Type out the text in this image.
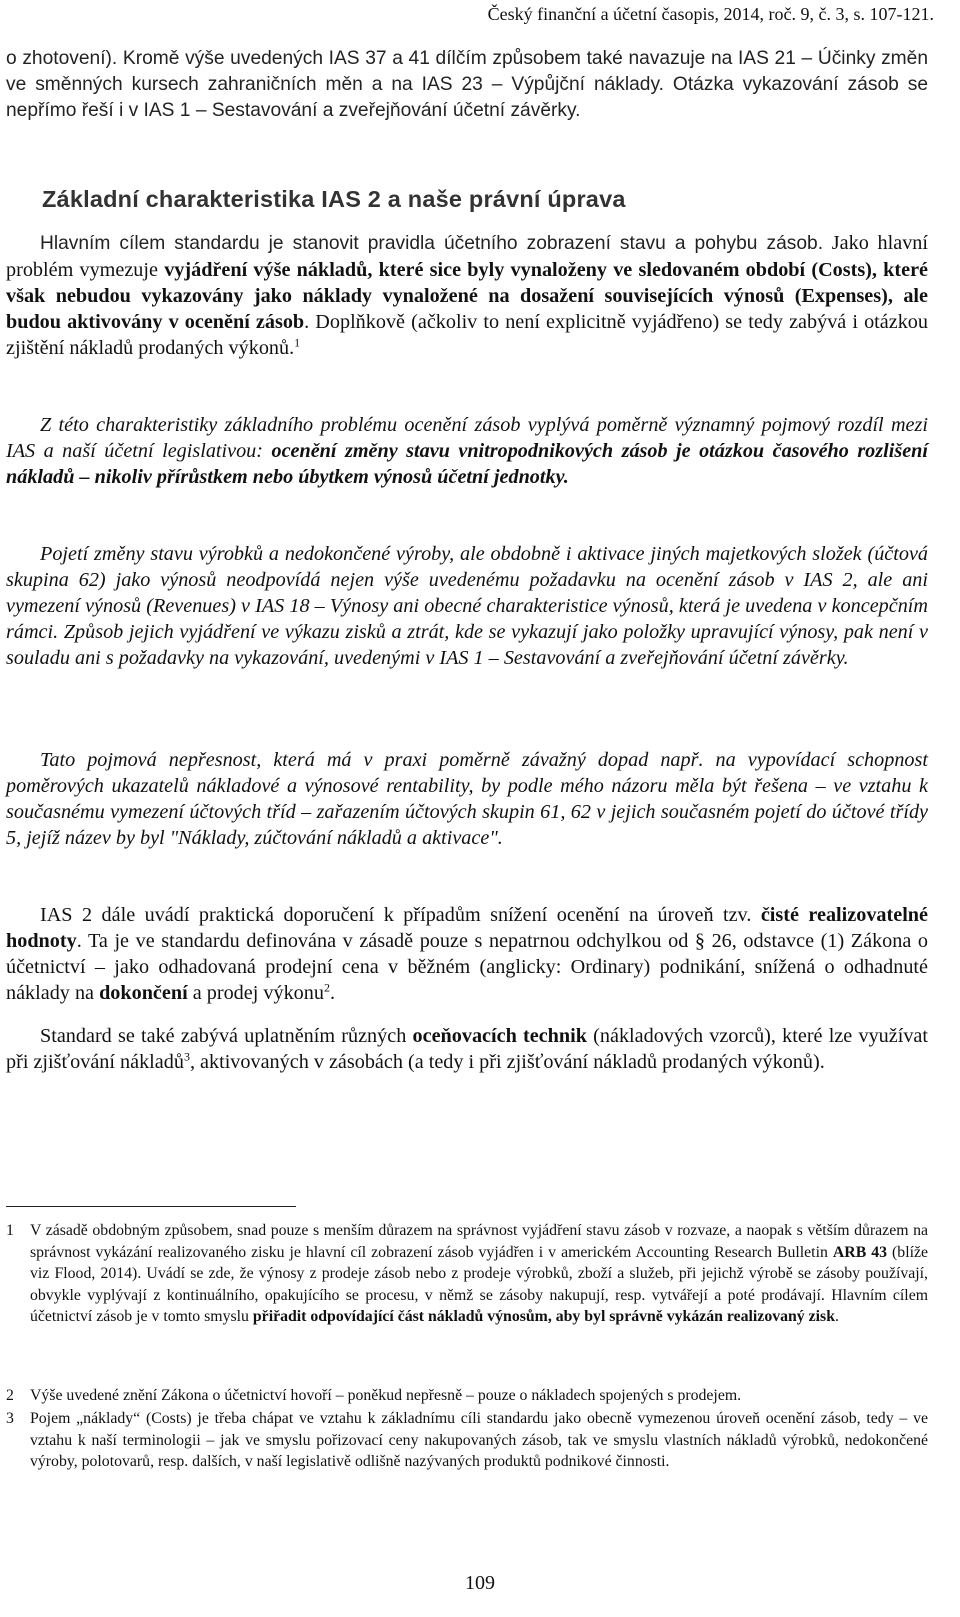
Český finanční a účetní časopis, 2014, roč. 9, č. 3, s. 107-121.

o zhotovení). Kromě výše uvedených IAS 37 a 41 dílčím způsobem také navazuje na IAS 21 – Účinky změn ve směnných kursech zahraničních měn a na IAS 23 – Výpůjční náklady. Otázka vykazování zásob se nepřímo řeší i v IAS 1 – Sestavování a zveřejňování účetní závěrky.

Základní charakteristika IAS 2 a naše právní úprava

Hlavním cílem standardu je stanovit pravidla účetního zobrazení stavu a pohybu zásob. Jako hlavní problém vymezuje vyjádření výše nákladů, které sice byly vynaloženy ve sledovaném období (Costs), které však nebudou vykazovány jako náklady vynaložené na dosažení souvisejících výnosů (Expenses), ale budou aktivovány v ocenění zásob. Doplňkově (ačkoliv to není explicitně vyjádřeno) se tedy zabývá i otázkou zjištění nákladů prodaných výkonů.$^1$

Z této charakteristiky základního problému ocenění zásob vyplývá poměrně významný pojmový rozdíl mezi IAS a naší účetní legislativou: ocenění změny stavu vnitropodnikových zásob je otázkou časového rozlišení nákladů – nikoliv přírůstkem nebo úbytkem výnosů účetní jednotky.

Pojetí změny stavu výrobků a nedokončené výroby, ale obdobně i aktivace jiných majetkových složek (účtová skupina 62) jako výnosů neodpovídá nejen výše uvedenému požadavku na ocenění zásob v IAS 2, ale ani vymezení výnosů (Revenues) v IAS 18 – Výnosy ani obecné charakteristice výnosů, která je uvedena v koncepčním rámci. Způsob jejich vyjádření ve výkazu zisků a ztrát, kde se vykazují jako položky upravující výnosy, pak není v souladu ani s požadavky na vykazování, uvedenými v IAS 1 – Sestavování a zveřejňování účetní závěrky.

Tato pojmová nepřesnost, která má v praxi poměrně závažný dopad např. na vypovídací schopnost poměrových ukazatelů nákladové a výnosové rentability, by podle mého názoru měla být řešena – ve vztahu k současnému vymezení účtových tříd – zařazením účtových skupin 61, 62 v jejich současném pojetí do účtové třídy 5, jejíž název by byl "Náklady, zúčtování nákladů a aktivace".

IAS 2 dále uvádí praktická doporučení k případům snížení ocenění na úroveň tzv. čisté realizovatelné hodnoty. Ta je ve standardu definována v zásadě pouze s nepatrnou odchylkou od § 26, odstavce (1) Zákona o účetnictví – jako odhadovaná prodejní cena v běžném (anglicky: Ordinary) podnikání, snížená o odhadnuté náklady na dokončení a prodej výkonu$^2$.

Standard se také zabývá uplatněním různých oceňovacích technik (nákladových vzorců), které lze využívat při zjišťování nákladů$^3$, aktivovaných v zásobách (a tedy i při zjišťování nákladů prodaných výkonů).

1	V zásadě obdobným způsobem, snad pouze s menším důrazem na správnost vyjádření stavu zásob v rozvaze, a naopak s větším důrazem na správnost vykázání realizovaného zisku je hlavní cíl zobrazení zásob vyjádřen i v americkém Accounting Research Bulletin ARB 43 (blíže viz Flood, 2014). Uvádí se zde, že výnosy z prodeje zásob nebo z prodeje výrobků, zboží a služeb, při jejichž výrobě se zásoby používají, obvykle vyplývají z kontinuálního, opakujícího se procesu, v němž se zásoby nakupují, resp. vytvářejí a poté prodávají. Hlavním cílem účetnictví zásob je v tomto smyslu přiřadit odpovídající část nákladů výnosům, aby byl správně vykázán realizovaný zisk.
2	Výše uvedené znění Zákona o účetnictví hovoří – poněkud nepřesně – pouze o nákladech spojených s prodejem.
3	Pojem „náklady“ (Costs) je třeba chápat ve vztahu k základnímu cíli standardu jako obecně vymezenou úroveň ocenění zásob, tedy – ve vztahu k naší terminologii – jak ve smyslu pořizovací ceny nakupovaných zásob, tak ve smyslu vlastních nákladů výrobků, nedokončené výroby, polotovarů, resp. dalších, v naší legislativě odlišně nazývaných produktů podnikové činnosti.
109
